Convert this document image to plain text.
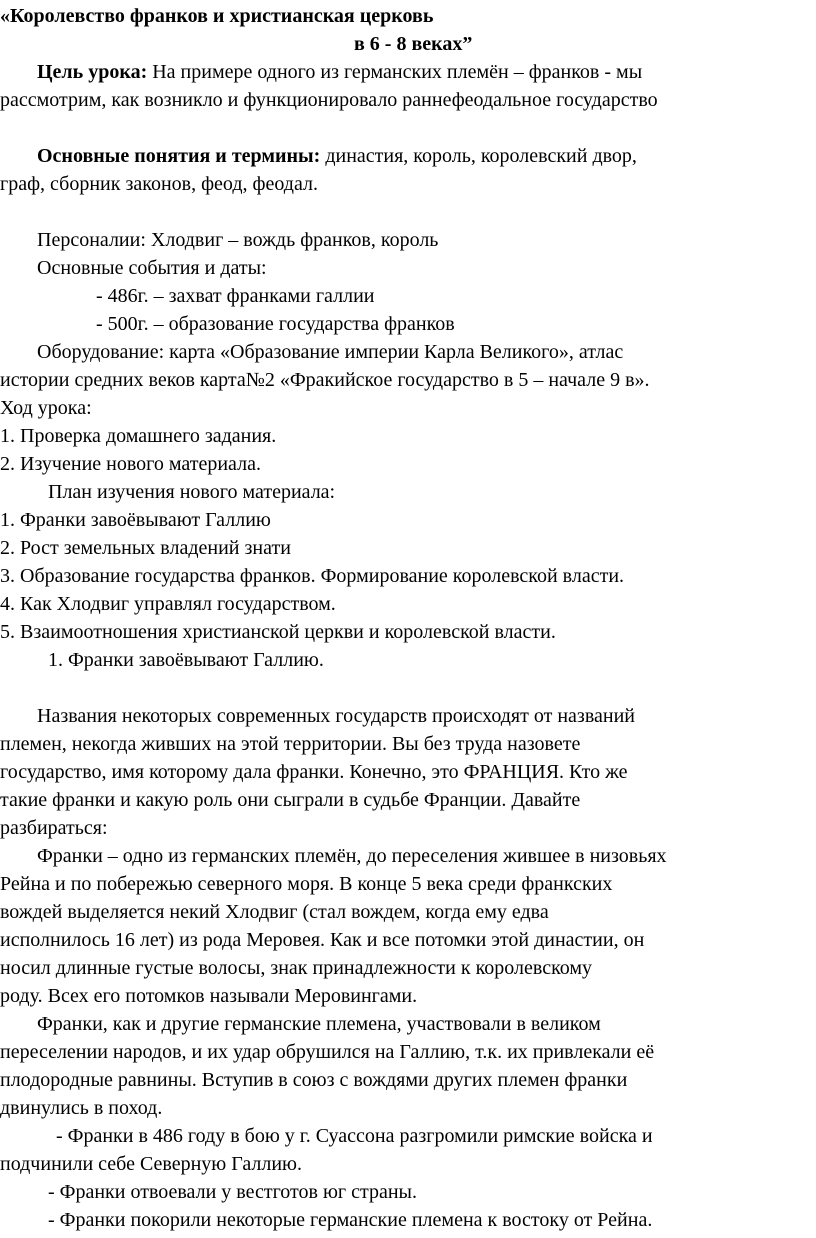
«Королевство франков и христианская церковь
в 6 - 8 веках”
Цель урока: На примере одного из германских племён – франков - мы
рассмотрим, как возникло и функционировало раннефеодальное государство
Основные понятия и термины: династия, король, королевский двор,
граф, сборник законов, феод, феодал.
Персоналии: Хлодвиг – вождь франков, король
Основные события и даты:
- 486г. – захват франками галлии
- 500г. – образование государства франков
Оборудование: карта «Образование империи Карла Великого», атлас
истории средних веков карта№2 «Фракийское государство в 5 – начале 9 в».
Ход урока:
1. Проверка домашнего задания.
2. Изучение нового материала.
План изучения нового материала:
1. Франки завоёвывают Галлию
2. Рост земельных владений знати
3. Образование государства франков. Формирование королевской власти.
4. Как Хлодвиг управлял государством.
5. Взаимоотношения христианской церкви и королевской власти.
1. Франки завоёвывают Галлию.
Названия некоторых современных государств происходят от названий
племен, некогда живших на этой территории. Вы без труда назовете
государство, имя которому дала франки. Конечно, это ФРАНЦИЯ. Кто же
такие франки и какую роль они сыграли в судьбе Франции. Давайте
разбираться:
Франки – одно из германских племён, до переселения жившее в низовьях
Рейна и по побережью северного моря. В конце 5 века среди франкских
вождей выделяется некий Хлодвиг (стал вождем, когда ему едва
исполнилось 16 лет) из рода Меровея. Как и все потомки этой династии, он
носил длинные густые волосы, знак принадлежности к королевскому
роду. Всех его потомков называли Меровингами.
Франки, как и другие германские племена, участвовали в великом
переселении народов, и их удар обрушился на Галлию, т.к. их привлекали её
плодородные равнины. Вступив в союз с вождями других племен франки
двинулись в поход.
- Франки в 486 году в бою у г. Суассона разгромили римские войска и
подчинили себе Северную Галлию.
- Франки отвоевали у вестготов юг страны.
- Франки покорили некоторые германские племена к востоку от Рейна.
